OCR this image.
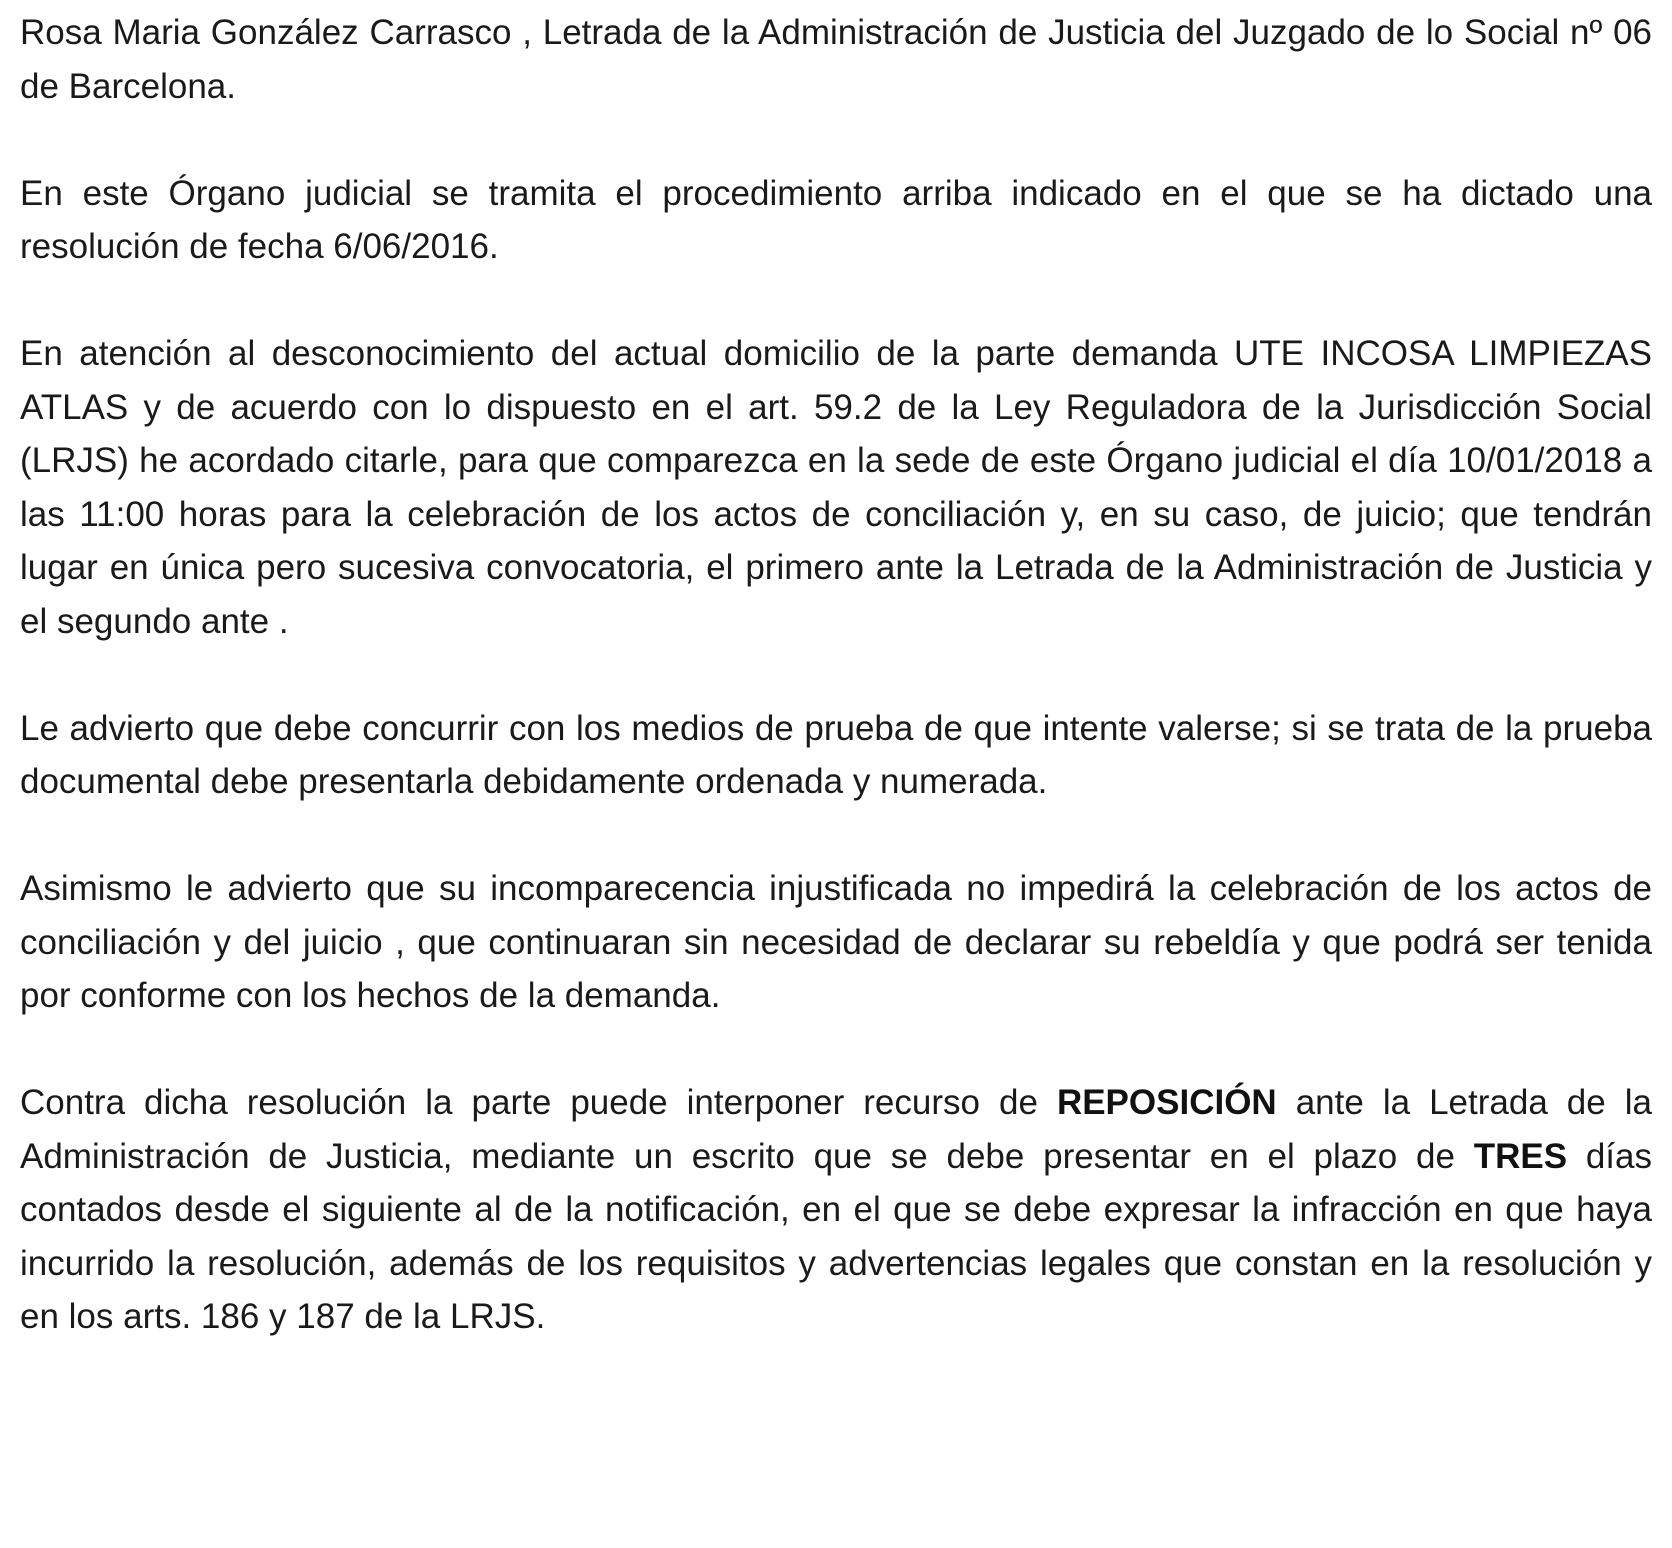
Rosa Maria González Carrasco , Letrada de la Administración de Justicia del Juzgado de lo Social nº 06 de Barcelona.

En este Órgano judicial se tramita el procedimiento arriba indicado en el que se ha dictado una resolución de fecha 6/06/2016.

En atención al desconocimiento del actual domicilio de la parte demanda UTE INCOSA LIMPIEZAS ATLAS y de acuerdo con lo dispuesto en el art. 59.2 de la Ley Reguladora de la Jurisdicción Social (LRJS) he acordado citarle, para que comparezca en la sede de este Órgano judicial el día 10/01/2018 a las 11:00 horas para la celebración de los actos de conciliación y, en su caso, de juicio; que tendrán lugar en única pero sucesiva convocatoria, el primero ante la Letrada de la Administración de Justicia y el segundo ante .

Le advierto que debe concurrir con los medios de prueba de que intente valerse; si se trata de la prueba documental debe presentarla debidamente ordenada y numerada.

Asimismo le advierto que su incomparecencia injustificada no impedirá la celebración de los actos de conciliación y del juicio , que continuaran sin necesidad de declarar su rebeldía y que podrá ser tenida por conforme con los hechos de la demanda.

Contra dicha resolución la parte puede interponer recurso de REPOSICIÓN ante la Letrada de la Administración de Justicia, mediante un escrito que se debe presentar en el plazo de TRES días contados desde el siguiente al de la notificación, en el que se debe expresar la infracción en que haya incurrido la resolución, además de los requisitos y advertencias legales que constan en la resolución y en los arts. 186 y 187 de la LRJS.
